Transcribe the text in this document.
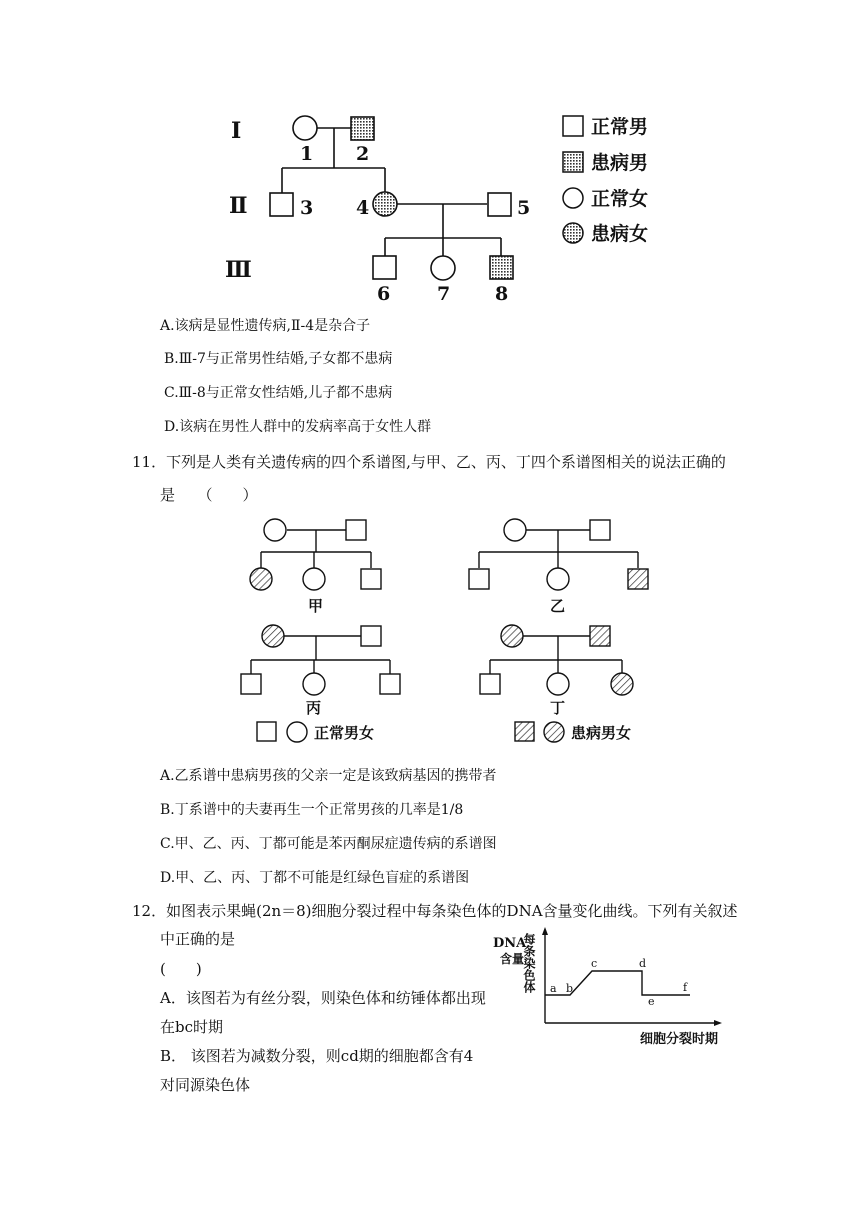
Ⅰ
Ⅱ
Ⅲ
1 2
3 4	5
6 7 8
正常男
患病男
正常女
患病女
A.该病是显性遗传病,Ⅱ-4是杂合子
B.Ⅲ-7与正常男性结婚,子女都不患病
C.Ⅲ-8与正常女性结婚,儿子都不患病
D.该病在男性人群中的发病率高于女性人群
11．下列是人类有关遗传病的四个系谱图,与甲、乙、丙、丁四个系谱图相关的说法正确的
是　　（　　）
甲	乙
丙	丁
正常男女	患病男女
A.乙系谱中患病男孩的父亲一定是该致病基因的携带者
B.丁系谱中的夫妻再生一个正常男孩的几率是1/8
C.甲、乙、丙、丁都可能是苯丙酮尿症遗传病的系谱图
D.甲、乙、丙、丁都不可能是红绿色盲症的系谱图
12．如图表示果蝇(2n＝8)细胞分裂过程中每条染色体的DNA含量变化曲线。下列有关叙述
中正确的是
(　　)
A．该图若为有丝分裂，则染色体和纺锤体都出现
在bc时期
B． 该图若为减数分裂，则cd期的细胞都含有4
对同源染色体
DNA
含量
每条染色体 a b
c	d
e
f
细胞分裂时期
